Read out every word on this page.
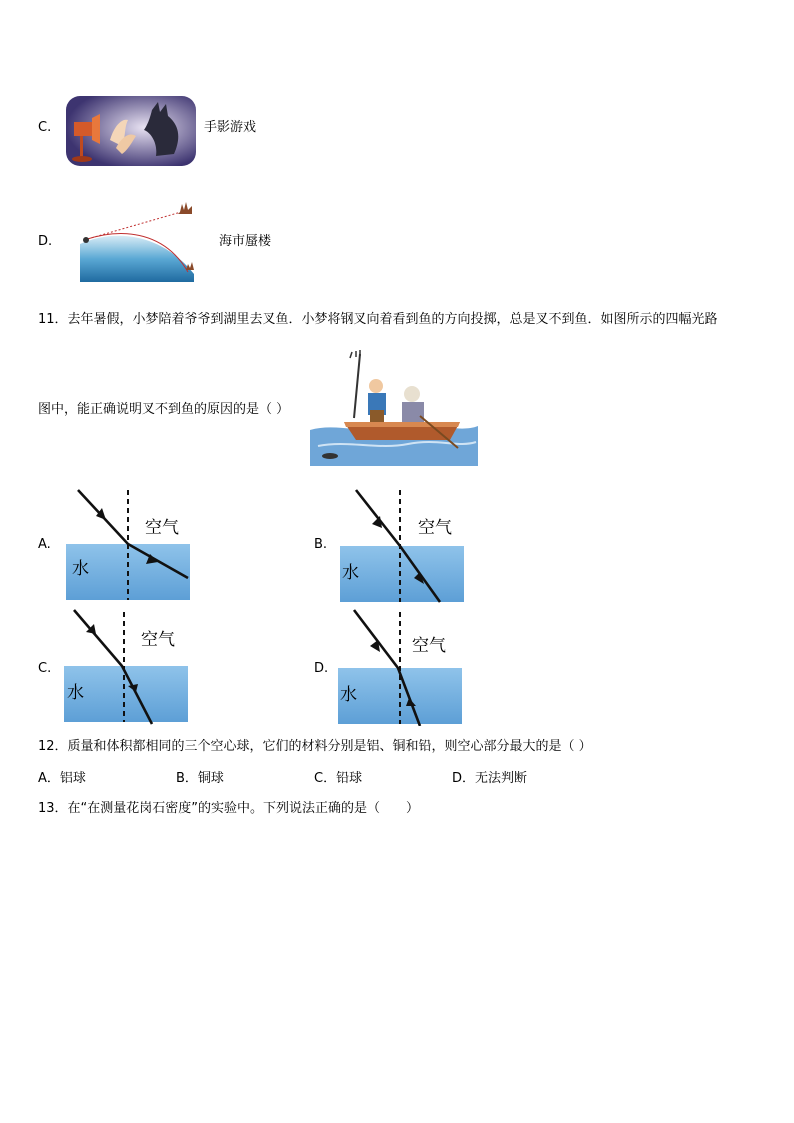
C.	手影游戏
D.	海市蜃楼
11．去年暑假，小梦陪着爷爷到湖里去叉鱼．小梦将钢叉向着看到鱼的方向投掷，总是叉不到鱼．如图所示的四幅光路
图中，能正确说明叉不到鱼的原因的是（ ）
A.
空气
水
B.
空气
水
C.
空气
水
D.
空气
水
12．质量和体积都相同的三个空心球，它们的材料分别是铝、铜和铅，则空心部分最大的是（ ）
A．铝球	B．铜球	C．铅球	D．无法判断
13．在“在测量花岗石密度”的实验中。下列说法正确的是（　　）
